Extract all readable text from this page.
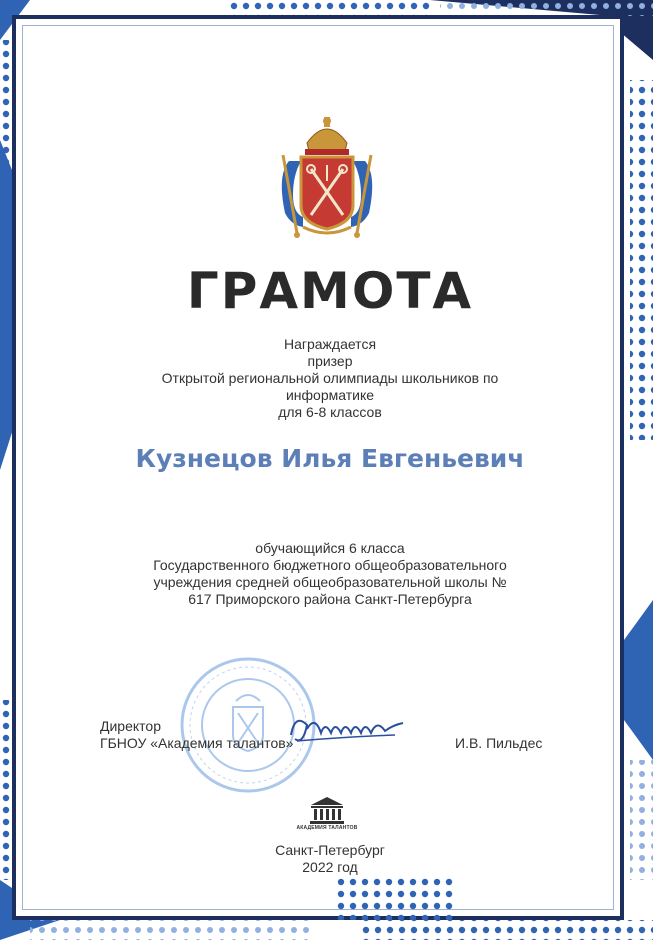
ГРАМОТА
Награждается
призер
Открытой региональной олимпиады школьников по
информатике
для 6-8 классов
Кузнецов Илья Евгеньевич
обучающийся 6 класса
Государственного бюджетного общеобразовательного
учреждения средней общеобразовательной школы №
617 Приморского района Санкт-Петербурга
Директор
ГБНОУ «Академия талантов»	И.В. Пильдес
АКАДЕМИЯ ТАЛАНТОВ
Санкт-Петербург
2022 год
